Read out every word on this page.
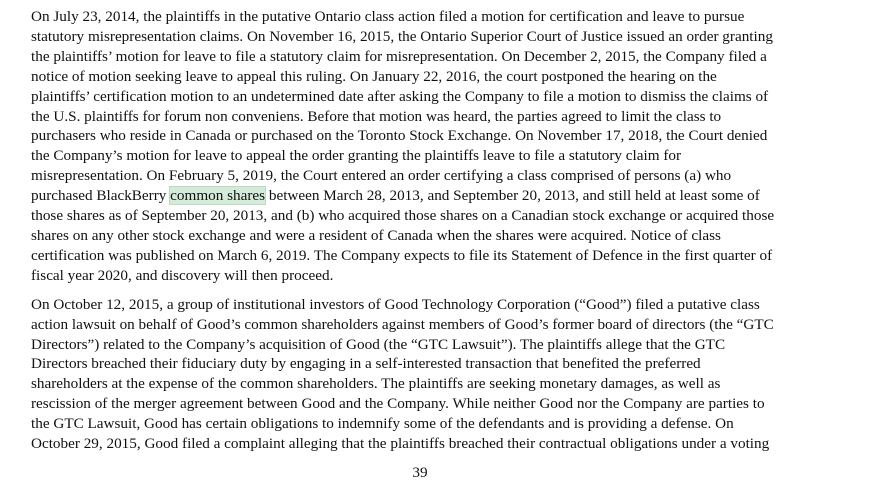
On July 23, 2014, the plaintiffs in the putative Ontario class action filed a motion for certification and leave to pursue
statutory misrepresentation claims. On November 16, 2015, the Ontario Superior Court of Justice issued an order granting
the plaintiffs’ motion for leave to file a statutory claim for misrepresentation. On December 2, 2015, the Company filed a
notice of motion seeking leave to appeal this ruling. On January 22, 2016, the court postponed the hearing on the
plaintiffs’ certification motion to an undetermined date after asking the Company to file a motion to dismiss the claims of
the U.S. plaintiffs for forum non conveniens. Before that motion was heard, the parties agreed to limit the class to
purchasers who reside in Canada or purchased on the Toronto Stock Exchange. On November 17, 2018, the Court denied
the Company’s motion for leave to appeal the order granting the plaintiffs leave to file a statutory claim for
misrepresentation. On February 5, 2019, the Court entered an order certifying a class comprised of persons (a) who
purchased BlackBerry common shares between March 28, 2013, and September 20, 2013, and still held at least some of
those shares as of September 20, 2013, and (b) who acquired those shares on a Canadian stock exchange or acquired those
shares on any other stock exchange and were a resident of Canada when the shares were acquired. Notice of class
certification was published on March 6, 2019. The Company expects to file its Statement of Defence in the first quarter of
fiscal year 2020, and discovery will then proceed.

On October 12, 2015, a group of institutional investors of Good Technology Corporation (“Good”) filed a putative class
action lawsuit on behalf of Good’s common shareholders against members of Good’s former board of directors (the “GTC
Directors”) related to the Company’s acquisition of Good (the “GTC Lawsuit”). The plaintiffs allege that the GTC
Directors breached their fiduciary duty by engaging in a self-interested transaction that benefited the preferred
shareholders at the expense of the common shareholders. The plaintiffs are seeking monetary damages, as well as
rescission of the merger agreement between Good and the Company. While neither Good nor the Company are parties to
the GTC Lawsuit, Good has certain obligations to indemnify some of the defendants and is providing a defense. On
October 29, 2015, Good filed a complaint alleging that the plaintiffs breached their contractual obligations under a voting

39
